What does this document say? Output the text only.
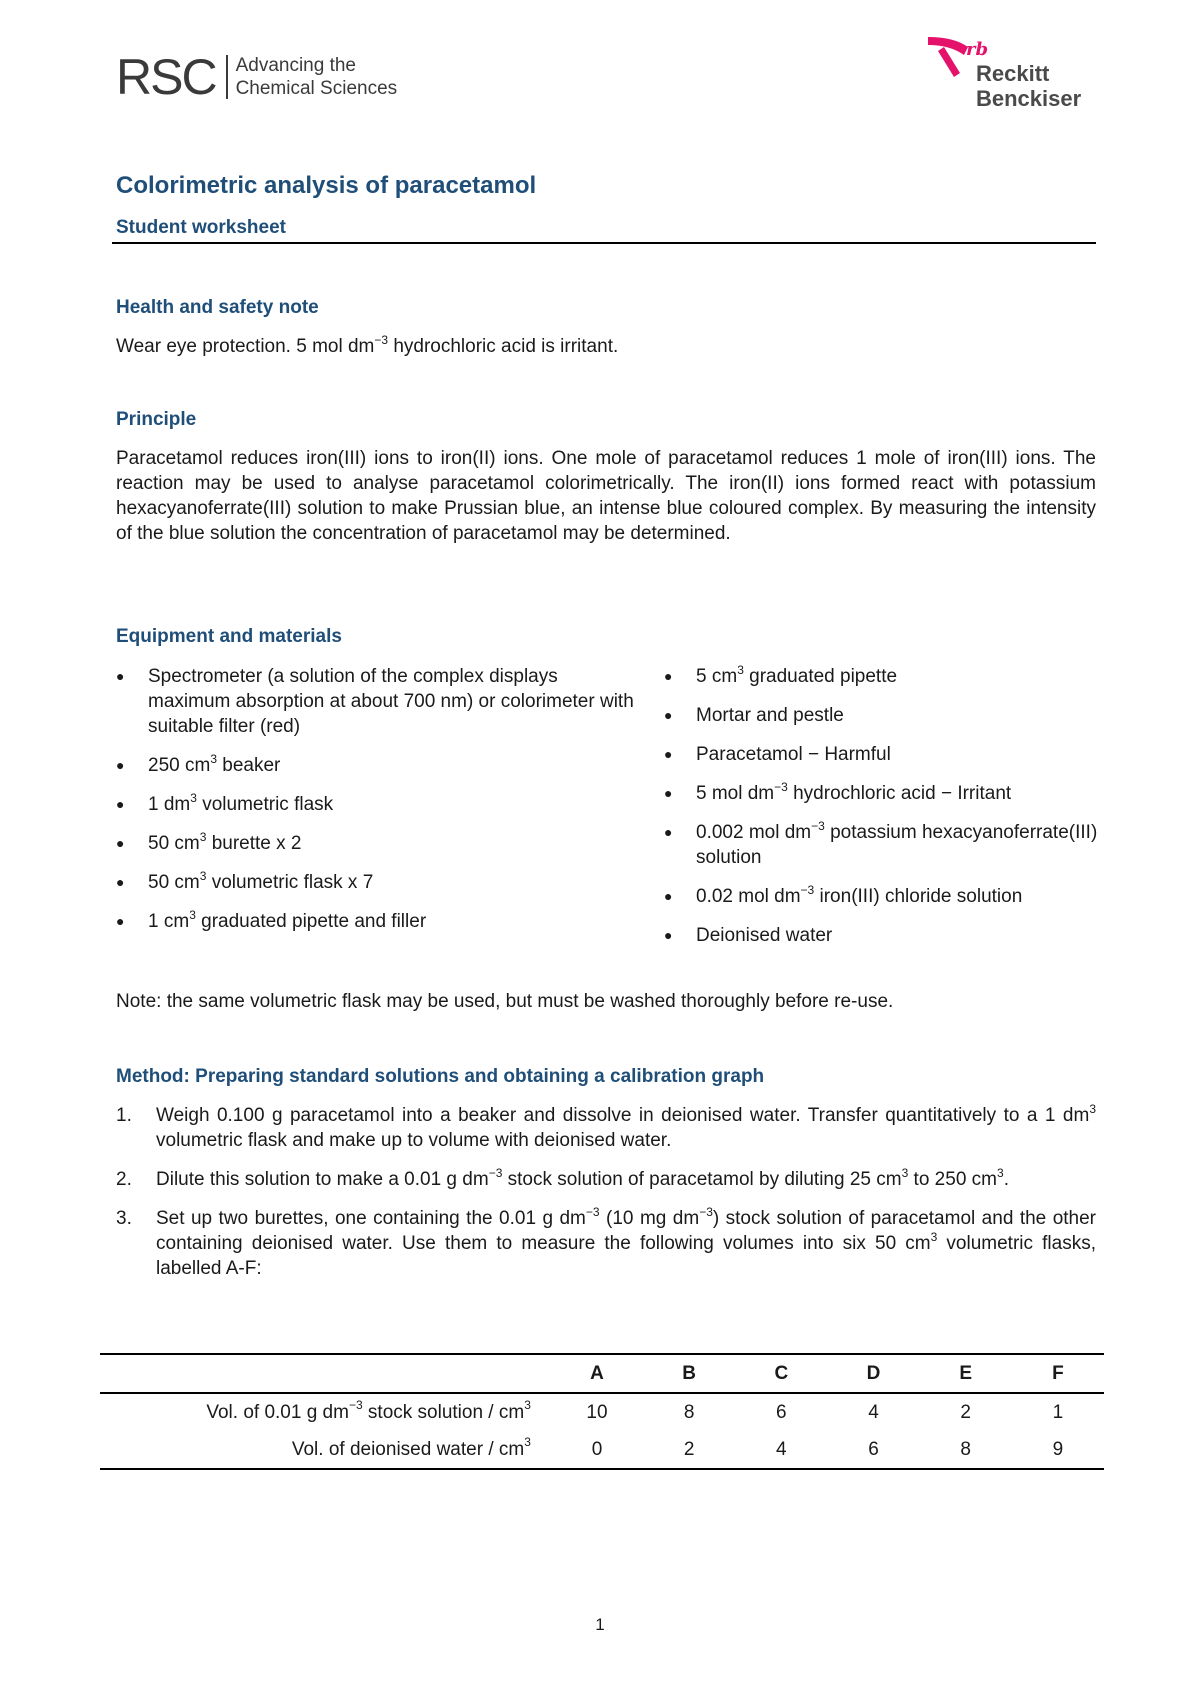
RSC Advancing the
Chemical Sciences
rb
Reckitt
Benckiser
Colorimetric analysis of paracetamol
Student worksheet
Health and safety note
Wear eye protection. 5 mol $dm^{-3}$ hydrochloric acid is irritant.
Principle
Paracetamol reduces iron(III) ions to iron(II) ions. One mole of paracetamol reduces 1 mole of iron(III) ions. The reaction may be used to analyse paracetamol colorimetrically. The iron(II) ions formed react with potassium hexacyanoferrate(III) solution to make Prussian blue, an intense blue coloured complex. By measuring the intensity of the blue solution the concentration of paracetamol may be determined.
Equipment and materials
● Spectrometer (a solution of the complex displays maximum absorption at about 700 nm) or colorimeter with suitable filter (red)
● 250 $cm^3$ beaker
● 1 $dm^3$ volumetric flask
● 50 $cm^3$ burette x 2
● 50 $cm^3$ volumetric flask x 7
● 1 $cm^3$ graduated pipette and filler
● 5 $cm^3$ graduated pipette
● Mortar and pestle
● Paracetamol − Harmful
● 5 mol $dm^{-3}$ hydrochloric acid − Irritant
● 0.002 mol $dm^{-3}$ potassium hexacyanoferrate(III) solution
● 0.02 mol $dm^{-3}$ iron(III) chloride solution
● Deionised water
Note: the same volumetric flask may be used, but must be washed thoroughly before re-use.
Method: Preparing standard solutions and obtaining a calibration graph
1. Weigh 0.100 g paracetamol into a beaker and dissolve in deionised water. Transfer quantitatively to a 1 $dm^3$ volumetric flask and make up to volume with deionised water.
2. Dilute this solution to make a 0.01 g $dm^{-3}$ stock solution of paracetamol by diluting 25 $cm^3$ to 250 $cm^3$.
3. Set up two burettes, one containing the 0.01 g $dm^{-3}$ (10 mg $dm^{-3}$) stock solution of paracetamol and the other containing deionised water. Use them to measure the following volumes into six 50 $cm^3$ volumetric flasks, labelled A-F:
	A	B	C	D	E	F
Vol. of 0.01 g $dm^{-3}$ stock solution / $cm^3$	10	8	6	4	2	1
Vol. of deionised water / $cm^3$	0	2	4	6	8	9
1
